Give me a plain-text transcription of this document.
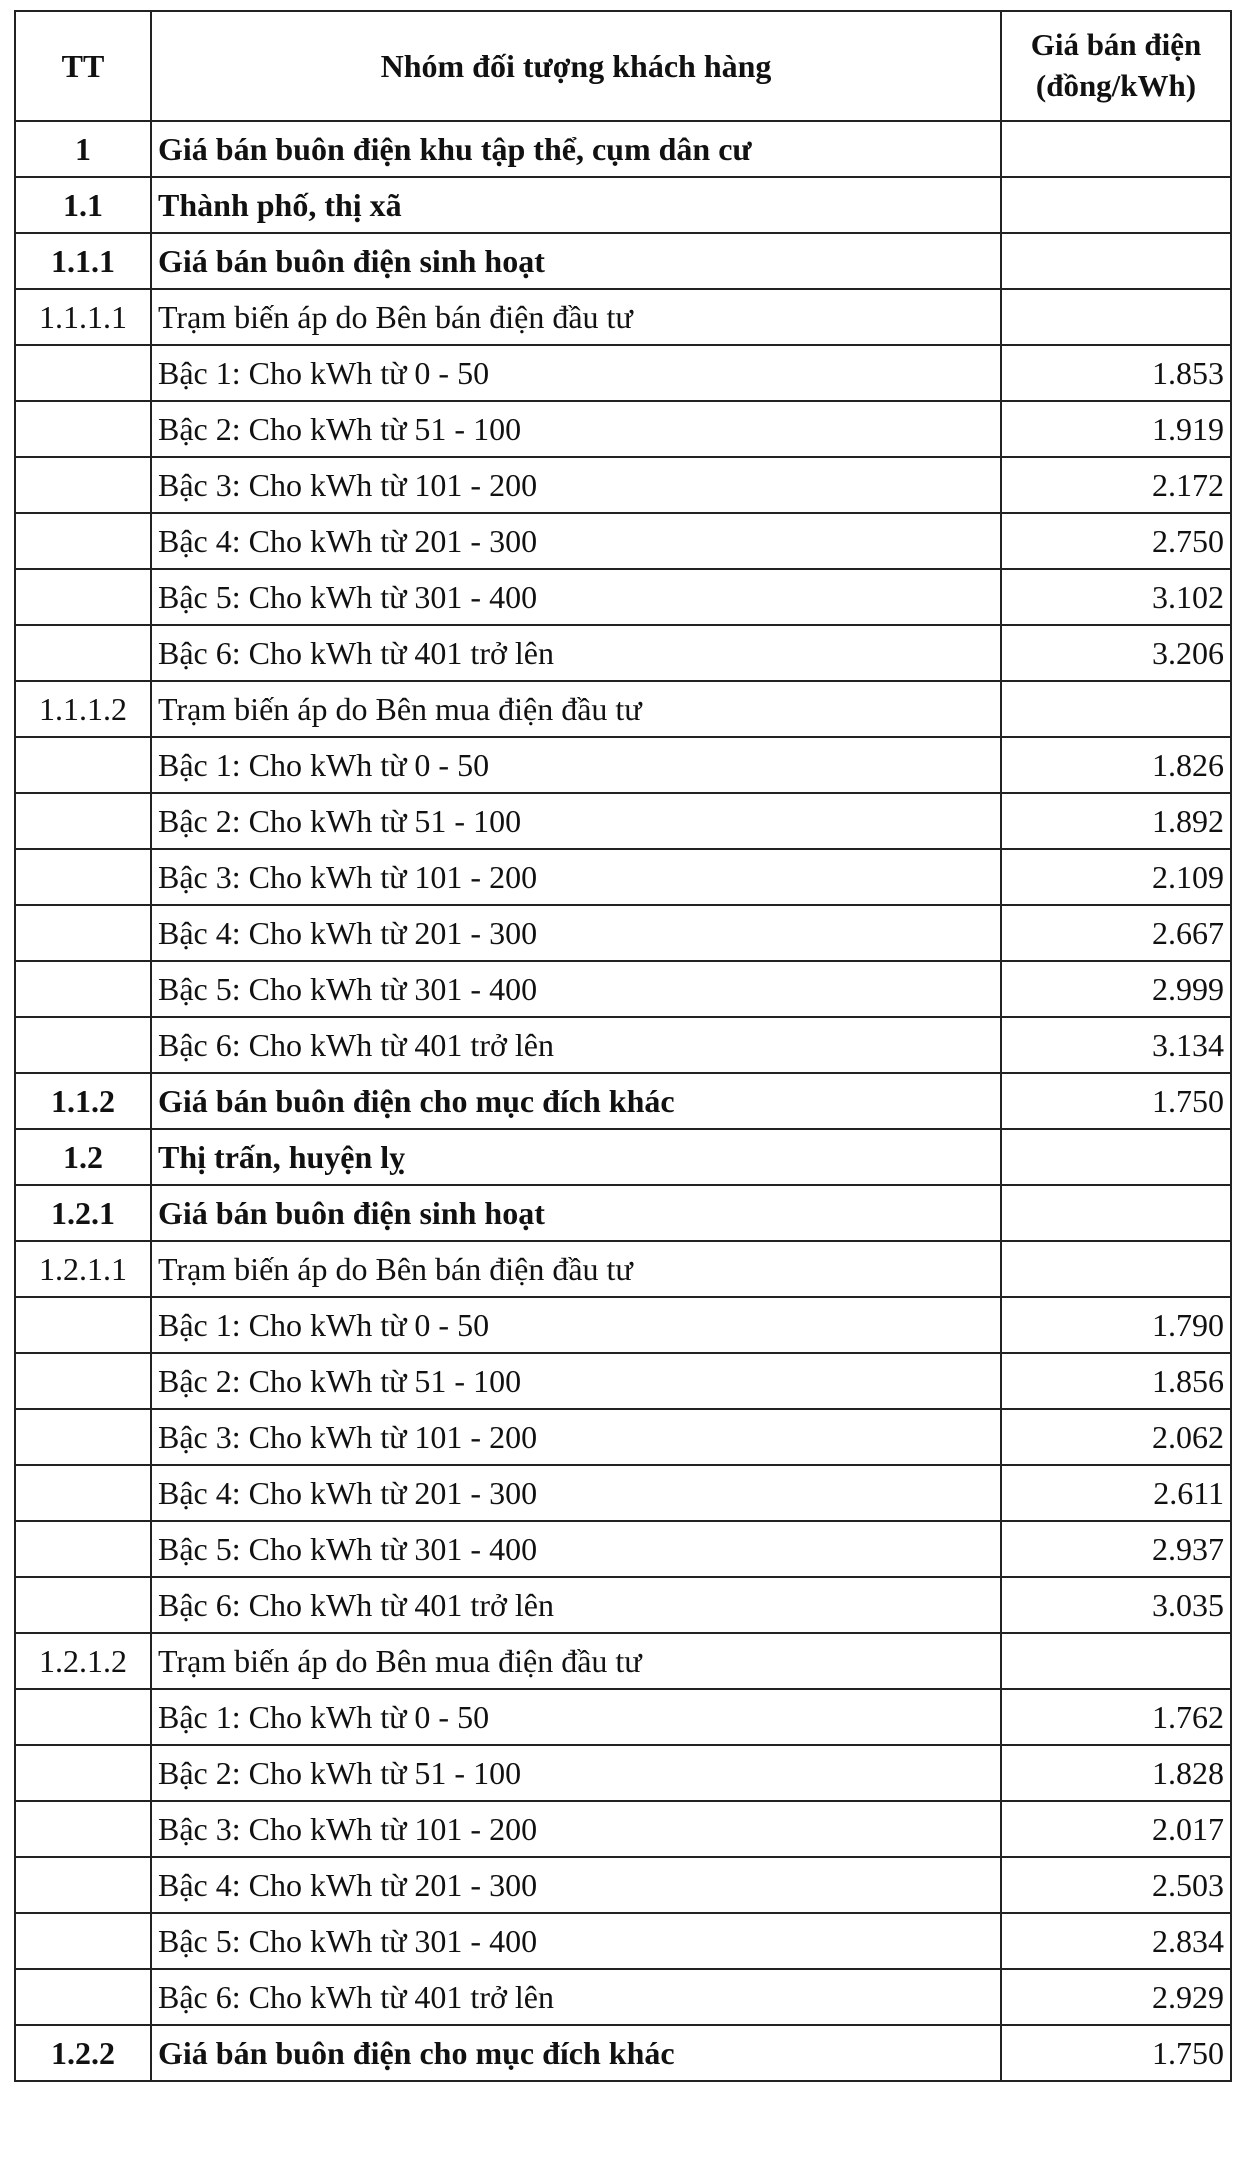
TT	Nhóm đối tượng khách hàng	Giá bán điện
(đồng/kWh)
1	Giá bán buôn điện khu tập thể, cụm dân cư	
1.1	Thành phố, thị xã	
1.1.1	Giá bán buôn điện sinh hoạt	
1.1.1.1	Trạm biến áp do Bên bán điện đầu tư	
	Bậc 1: Cho kWh từ 0 - 50	1.853
	Bậc 2: Cho kWh từ 51 - 100	1.919
	Bậc 3: Cho kWh từ 101 - 200	2.172
	Bậc 4: Cho kWh từ 201 - 300	2.750
	Bậc 5: Cho kWh từ 301 - 400	3.102
	Bậc 6: Cho kWh từ 401 trở lên	3.206
1.1.1.2	Trạm biến áp do Bên mua điện đầu tư	
	Bậc 1: Cho kWh từ 0 - 50	1.826
	Bậc 2: Cho kWh từ 51 - 100	1.892
	Bậc 3: Cho kWh từ 101 - 200	2.109
	Bậc 4: Cho kWh từ 201 - 300	2.667
	Bậc 5: Cho kWh từ 301 - 400	2.999
	Bậc 6: Cho kWh từ 401 trở lên	3.134
1.1.2	Giá bán buôn điện cho mục đích khác	1.750
1.2	Thị trấn, huyện lỵ	
1.2.1	Giá bán buôn điện sinh hoạt	
1.2.1.1	Trạm biến áp do Bên bán điện đầu tư	
	Bậc 1: Cho kWh từ 0 - 50	1.790
	Bậc 2: Cho kWh từ 51 - 100	1.856
	Bậc 3: Cho kWh từ 101 - 200	2.062
	Bậc 4: Cho kWh từ 201 - 300	2.611
	Bậc 5: Cho kWh từ 301 - 400	2.937
	Bậc 6: Cho kWh từ 401 trở lên	3.035
1.2.1.2	Trạm biến áp do Bên mua điện đầu tư	
	Bậc 1: Cho kWh từ 0 - 50	1.762
	Bậc 2: Cho kWh từ 51 - 100	1.828
	Bậc 3: Cho kWh từ 101 - 200	2.017
	Bậc 4: Cho kWh từ 201 - 300	2.503
	Bậc 5: Cho kWh từ 301 - 400	2.834
	Bậc 6: Cho kWh từ 401 trở lên	2.929
1.2.2	Giá bán buôn điện cho mục đích khác	1.750
